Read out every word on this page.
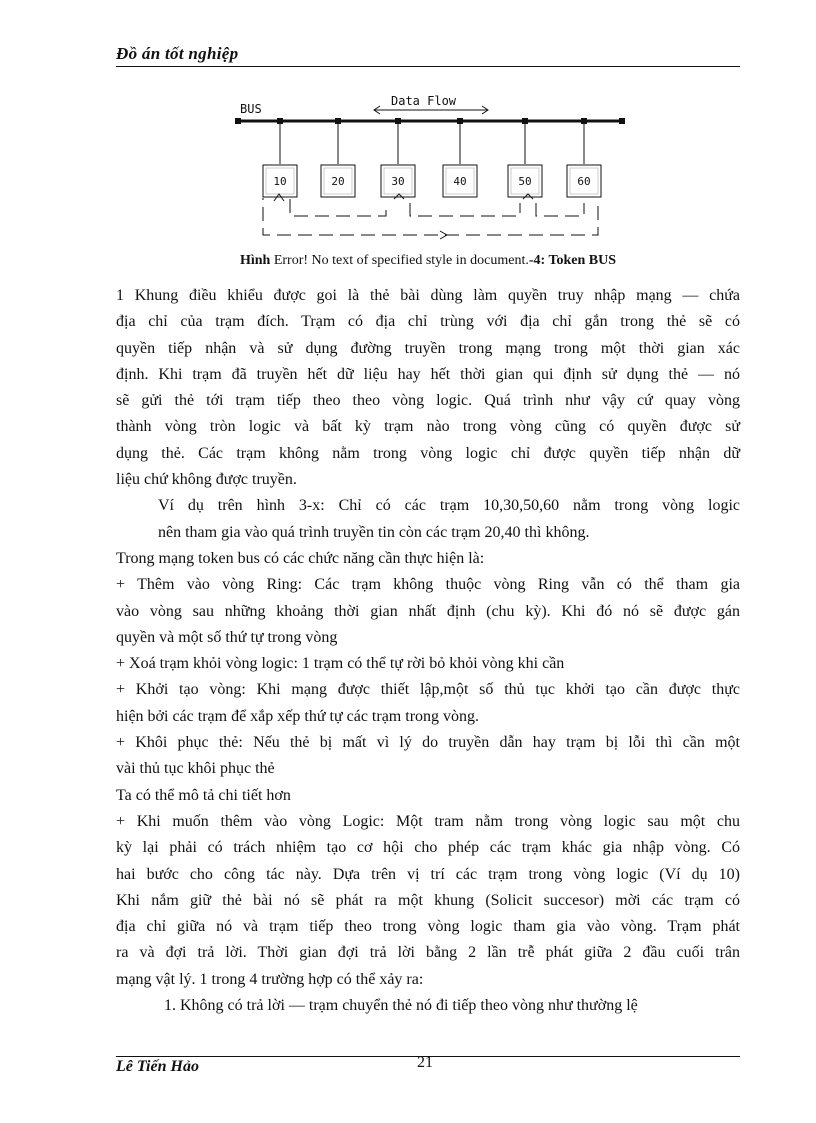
Đồ án tốt nghiệp
BUS
Data Flow
10	20	30	40	50	60
Hình Error! No text of specified style in document.-4: Token BUS

1 Khung điều khiểu được goi là thẻ bài dùng làm quyền truy nhập mạng — chứa
địa chỉ của trạm đích. Trạm có địa chỉ trùng với địa chỉ gắn trong thẻ sẽ có
quyền tiếp nhận và sử dụng đường truyền trong mạng trong một thời gian xác
định. Khi trạm đã truyền hết dữ liệu hay hết thời gian qui định sử dụng thẻ — nó
sẽ gửi thẻ tới trạm tiếp theo theo vòng logic. Quá trình như vậy cứ quay vòng
thành vòng tròn logic và bất kỳ trạm nào trong vòng cũng có quyền được sử
dụng thẻ. Các trạm không nằm trong vòng logic chỉ được quyền tiếp nhận dữ
liệu chứ không được truyền.

Ví dụ trên hình 3-x: Chỉ có các trạm 10,30,50,60 nằm trong vòng logic
nên tham gia vào quá trình truyền tin còn các trạm 20,40 thì không.

Trong mạng token bus có các chức năng cần thực hiện là:

+ Thêm vào vòng Ring: Các trạm không thuộc vòng Ring vẫn có thể tham gia
vào vòng sau những khoảng thời gian nhất định (chu kỳ). Khi đó nó sẽ được gán
quyền và một số thứ tự trong vòng

+ Xoá trạm khỏi vòng logic: 1 trạm có thể tự rời bỏ khỏi vòng khi cần

+ Khởi tạo vòng: Khi mạng được thiết lập,một số thủ tục khởi tạo cần được thực
hiện bởi các trạm để xắp xếp thứ tự các trạm trong vòng.

+ Khôi phục thẻ: Nếu thẻ bị mất vì lý do truyền dẫn hay trạm bị lỗi thì cần một
vài thủ tục khôi phục thẻ

Ta có thể mô tả chi tiết hơn

+ Khi muốn thêm vào vòng Logic: Một tram nằm trong vòng logic sau một chu
kỳ lại phải có trách nhiệm tạo cơ hội cho phép các trạm khác gia nhập vòng. Có
hai bước cho công tác này. Dựa trên vị trí các trạm trong vòng logic (Ví dụ 10)
Khi nắm giữ thẻ bài nó sẽ phát ra một khung (Solicit succesor) mời các trạm có
địa chỉ giữa nó và trạm tiếp theo trong vòng logic tham gia vào vòng. Trạm phát
ra và đợi trả lời. Thời gian đợi trả lời bằng 2 lần trễ phát giữa 2 đầu cuối trân
mạng vật lý. 1 trong 4 trường hợp có thể xảy ra:

1. Không có trả lời — trạm chuyển thẻ nó đi tiếp theo vòng như thường lệ

Lê Tiến Hảo	21
